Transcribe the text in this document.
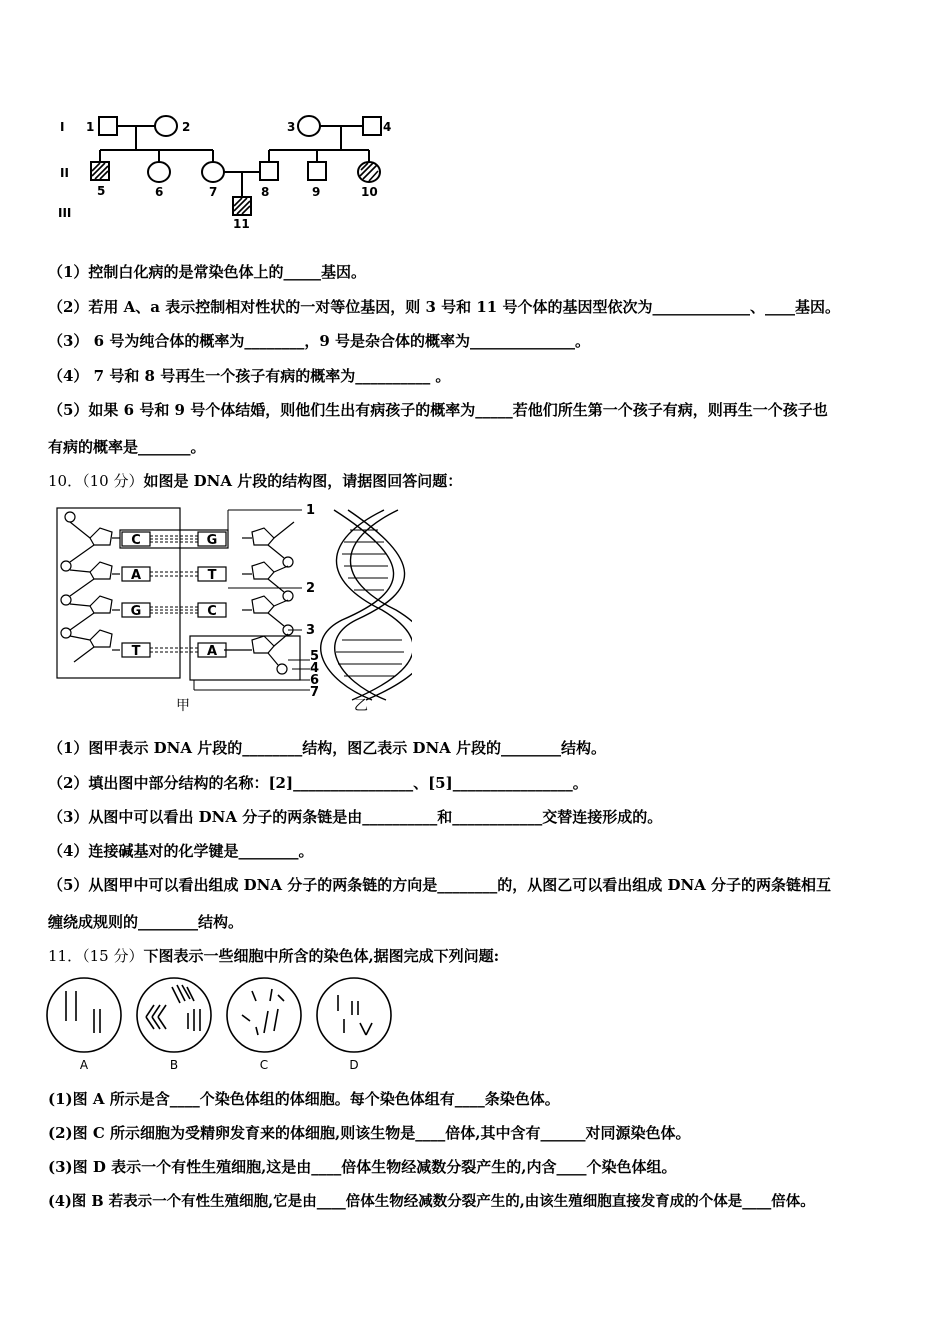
I
II
III
1	2	3	4
5	6	7	8	9	10
11
（1）控制白化病的是常染色体上的_____基因。
（2）若用 A、a 表示控制相对性状的一对等位基因，则 3 号和 11 号个体的基因型依次为_____________、____基因。
（3） 6 号为纯合体的概率为________，9 号是杂合体的概率为______________。
（4） 7 号和 8 号再生一个孩子有病的概率为__________ 。
（5）如果 6 号和 9 号个体结婚，则他们生出有病孩子的概率为_____若他们所生第一个孩子有病，则再生一个孩子也
有病的概率是_______。
10．（10 分）如图是 DNA 片段的结构图，请据图回答问题：
C	G
A	T
G	C
T	A
1
2
3
5
4
6
7
甲	乙
（1）图甲表示 DNA 片段的________结构，图乙表示 DNA 片段的________结构。
（2）填出图中部分结构的名称：[2]________________、[5]________________。
（3）从图中可以看出 DNA 分子的两条链是由__________和____________交替连接形成的。
（4）连接碱基对的化学键是________。
（5）从图甲中可以看出组成 DNA 分子的两条链的方向是________的，从图乙可以看出组成 DNA 分子的两条链相互
缠绕成规则的________结构。
11．（15 分）下图表示一些细胞中所含的染色体,据图完成下列问题:
A	B	C	D
(1)图 A 所示是含____个染色体组的体细胞。每个染色体组有____条染色体。
(2)图 C 所示细胞为受精卵发育来的体细胞,则该生物是____倍体,其中含有______对同源染色体。
(3)图 D 表示一个有性生殖细胞,这是由____倍体生物经减数分裂产生的,内含____个染色体组。
(4)图 B 若表示一个有性生殖细胞,它是由____倍体生物经减数分裂产生的,由该生殖细胞直接发育成的个体是____倍体。
